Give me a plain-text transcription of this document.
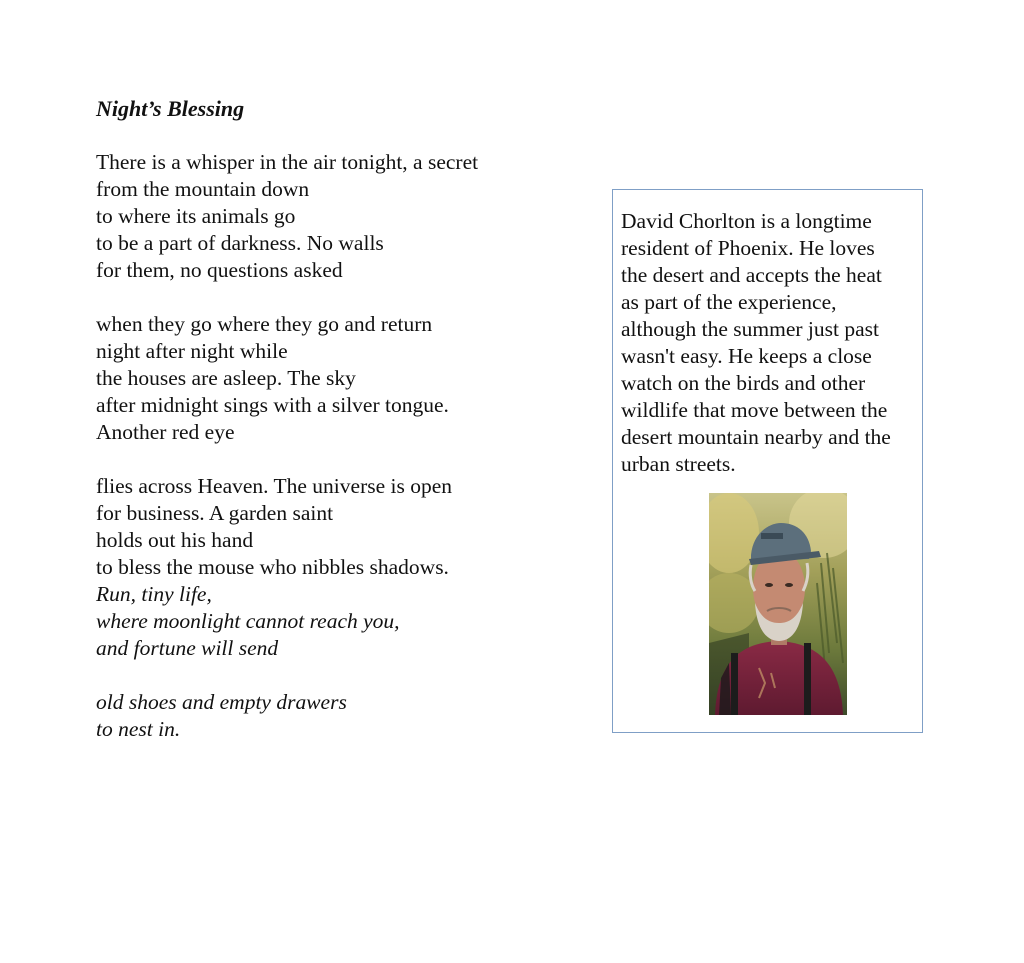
Night’s Blessing
There is a whisper in the air tonight, a secret
from the mountain down
to where its animals go
to be a part of darkness. No walls
for them, no questions asked
when they go where they go and return
night after night while
the houses are asleep. The sky
after midnight sings with a silver tongue.
Another red eye
flies across Heaven. The universe is open
for business. A garden saint
holds out his hand
to bless the mouse who nibbles shadows.
Run, tiny life,
where moonlight cannot reach you,
and fortune will send
old shoes and empty drawers
to nest in.
David Chorlton is a longtime
resident of Phoenix. He loves
the desert and accepts the heat
as part of the experience,
although the summer just past
wasn't easy. He keeps a close
watch on the birds and other
wildlife that move between the
desert mountain nearby and the
urban streets.
